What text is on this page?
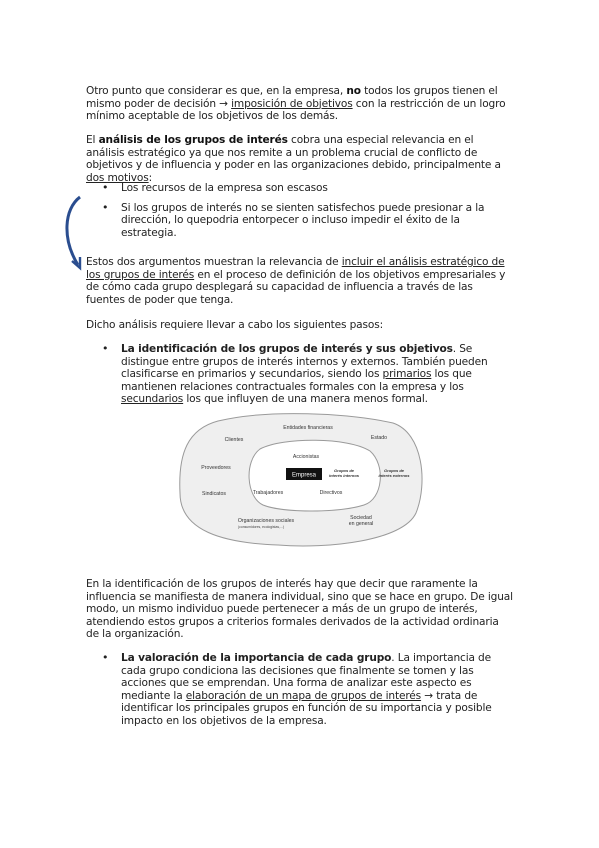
Otro punto que considerar es que, en la empresa, no todos los grupos tienen el mismo poder de decisión → imposición de objetivos con la restricción de un logro mínimo aceptable de los objetivos de los demás.
El análisis de los grupos de interés cobra una especial relevancia en el análisis estratégico ya que nos remite a un problema crucial de conflicto de objetivos y de influencia y poder en las organizaciones debido, principalmente a dos motivos:
• Los recursos de la empresa son escasos
• Si los grupos de interés no se sienten satisfechos puede presionar a la dirección, lo quepodria entorpecer o incluso impedir el éxito de la estrategia.
Estos dos argumentos muestran la relevancia de incluir el análisis estratégico de los grupos de interés en el proceso de definición de los objetivos empresariales y de cómo cada grupo desplegará su capacidad de influencia a través de las fuentes de poder que tenga.
Dicho análisis requiere llevar a cabo los siguientes pasos:
• La identificación de los grupos de interés y sus objetivos. Se distingue entre grupos de interés internos y externos. También pueden clasificarse en primarios y secundarios, siendo los primarios los que mantienen relaciones contractuales formales con la empresa y los secundarios los que influyen de una manera menos formal.
Entidades financieras
Clientes	Estado
Proveedores
Sindicatos
Accionistas
Empresa
Grupos de
interés internos
Grupos de
interés externos
Trabajadores	Directivos
Organizaciones sociales
(consumidores, ecologistas,...)
Sociedad
en general
En la identificación de los grupos de interés hay que decir que raramente la influencia se manifiesta de manera individual, sino que se hace en grupo. De igual modo, un mismo individuo puede pertenecer a más de un grupo de interés, atendiendo estos grupos a criterios formales derivados de la actividad ordinaria de la organización.
• La valoración de la importancia de cada grupo. La importancia de cada grupo condiciona las decisiones que finalmente se tomen y las acciones que se emprendan. Una forma de analizar este aspecto es mediante la elaboración de un mapa de grupos de interés → trata de identificar los principales grupos en función de su importancia y posible impacto en los objetivos de la empresa.
